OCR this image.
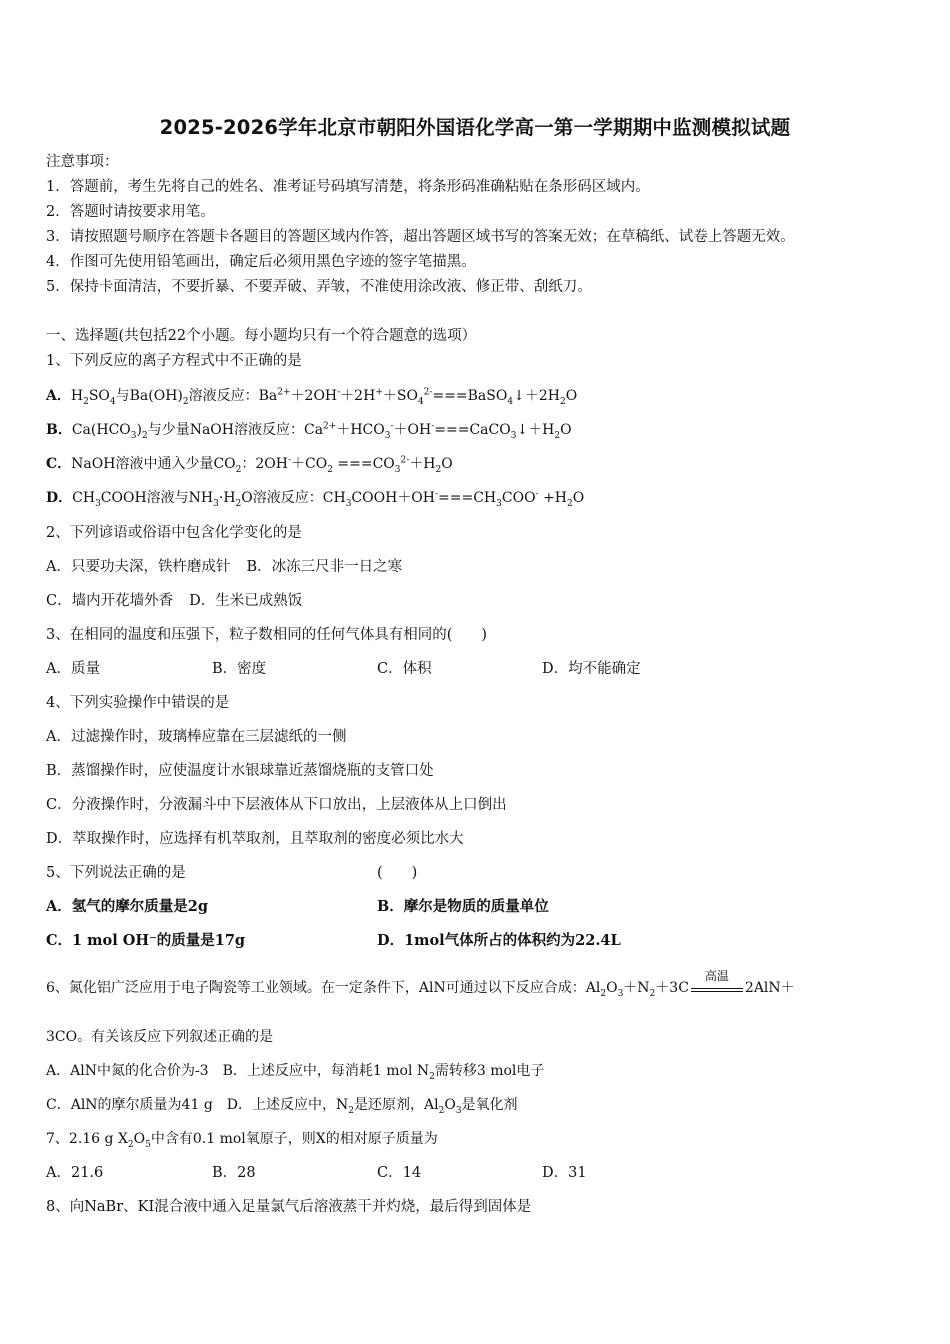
2025-2026学年北京市朝阳外国语化学高一第一学期期中监测模拟试题
注意事项：
1．答题前，考生先将自己的姓名、准考证号码填写清楚，将条形码准确粘贴在条形码区域内。
2．答题时请按要求用笔。
3．请按照题号顺序在答题卡各题目的答题区域内作答，超出答题区域书写的答案无效；在草稿纸、试卷上答题无效。
4．作图可先使用铅笔画出，确定后必须用黑色字迹的签字笔描黑。
5．保持卡面清洁，不要折暴、不要弄破、弄皱，不准使用涂改液、修正带、刮纸刀。
一、选择题(共包括22个小题。每小题均只有一个符合题意的选项）
1、下列反应的离子方程式中不正确的是
A．$H_2SO_4$与$Ba(OH)_2$溶液反应：$Ba^{2+}+2OH^-+2H^++SO_4^{2-}===BaSO_4↓+2H_2O$
B．$Ca(HCO_3)_2$与少量NaOH溶液反应：$Ca^{2+}+HCO_3^-+OH^-===CaCO_3↓+H_2O$
C．NaOH溶液中通入少量$CO_2$：$2OH^-+CO_2 ===CO_3^{2-}+H_2O$
D．$CH_3COOH$溶液与$NH_3\cdot H_2O$溶液反应：$CH_3COOH+OH^-===CH_3COO^- +H_2O$
2、下列谚语或俗语中包含化学变化的是
A．只要功夫深，铁杵磨成针 B．冰冻三尺非一日之寒
C．墙内开花墙外香 D．生米已成熟饭
3、在相同的温度和压强下，粒子数相同的任何气体具有相同的(　　)
A．质量	B．密度	C．体积	D．均不能确定
4、下列实验操作中错误的是
A．过滤操作时，玻璃棒应靠在三层滤纸的一侧
B．蒸馏操作时，应使温度计水银球靠近蒸馏烧瓶的支管口处
C．分液操作时，分液漏斗中下层液体从下口放出，上层液体从上口倒出
D．萃取操作时，应选择有机萃取剂，且萃取剂的密度必须比水大
5、下列说法正确的是	(　　)
A．氢气的摩尔质量是2g	B．摩尔是物质的质量单位
C．1 mol OH⁻的质量是17g	D．1mol气体所占的体积约为22.4L
6、氮化铝广泛应用于电子陶瓷等工业领域。在一定条件下，AlN可通过以下反应合成：$Al_2O_3+N_2+3C$
高温
2AlN＋
3CO。有关该反应下列叙述正确的是
A．AlN中氮的化合价为-3 B．上述反应中，每消耗1 mol $N_2$需转移3 mol电子
C．AlN的摩尔质量为41 g D．上述反应中，$N_2$是还原剂，$Al_2O_3$是氧化剂
7、2.16 g $X_2O_5$中含有0.1 mol氧原子，则X的相对原子质量为
A．21.6	B．28	C．14	D．31
8、向NaBr、KI混合液中通入足量氯气后溶液蒸干并灼烧，最后得到固体是
